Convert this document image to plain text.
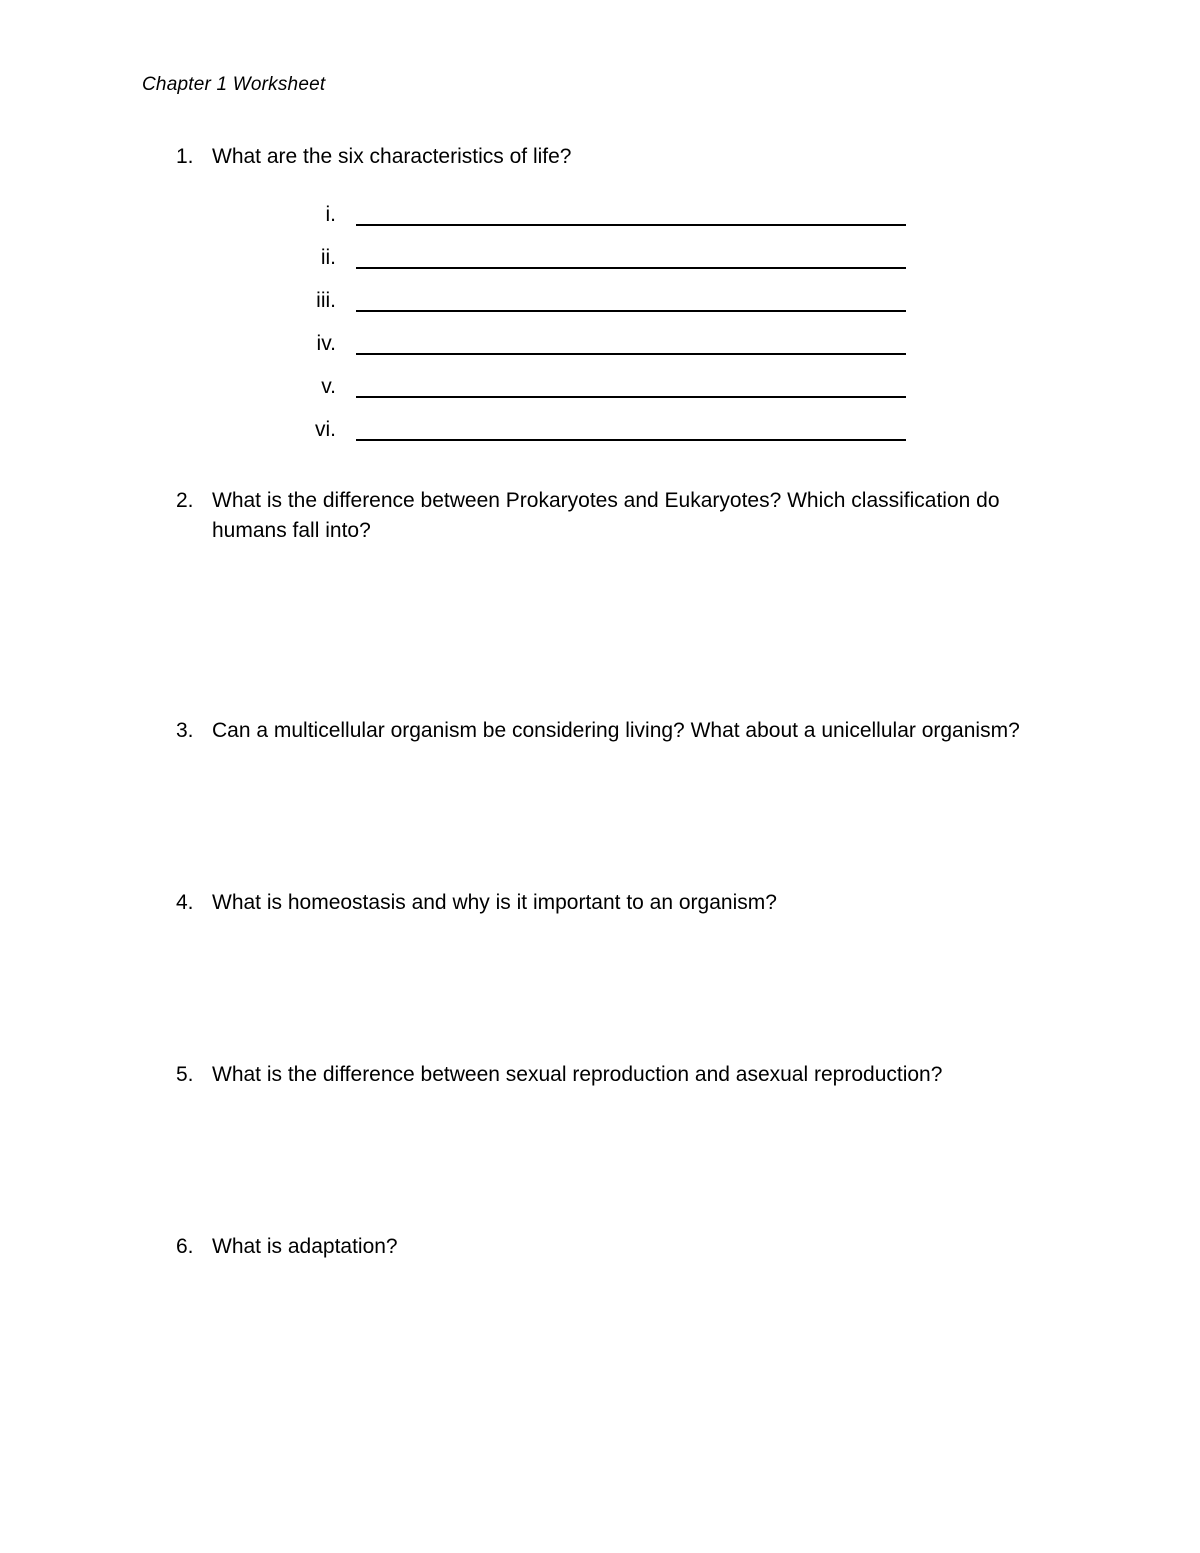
Chapter 1 Worksheet
1. What are the six characteristics of life?
i.
ii.
iii.
iv.
v.
vi.
2. What is the difference between Prokaryotes and Eukaryotes? Which classification do humans fall into?
3. Can a multicellular organism be considering living? What about a unicellular organism?
4. What is homeostasis and why is it important to an organism?
5. What is the difference between sexual reproduction and asexual reproduction?
6. What is adaptation?
